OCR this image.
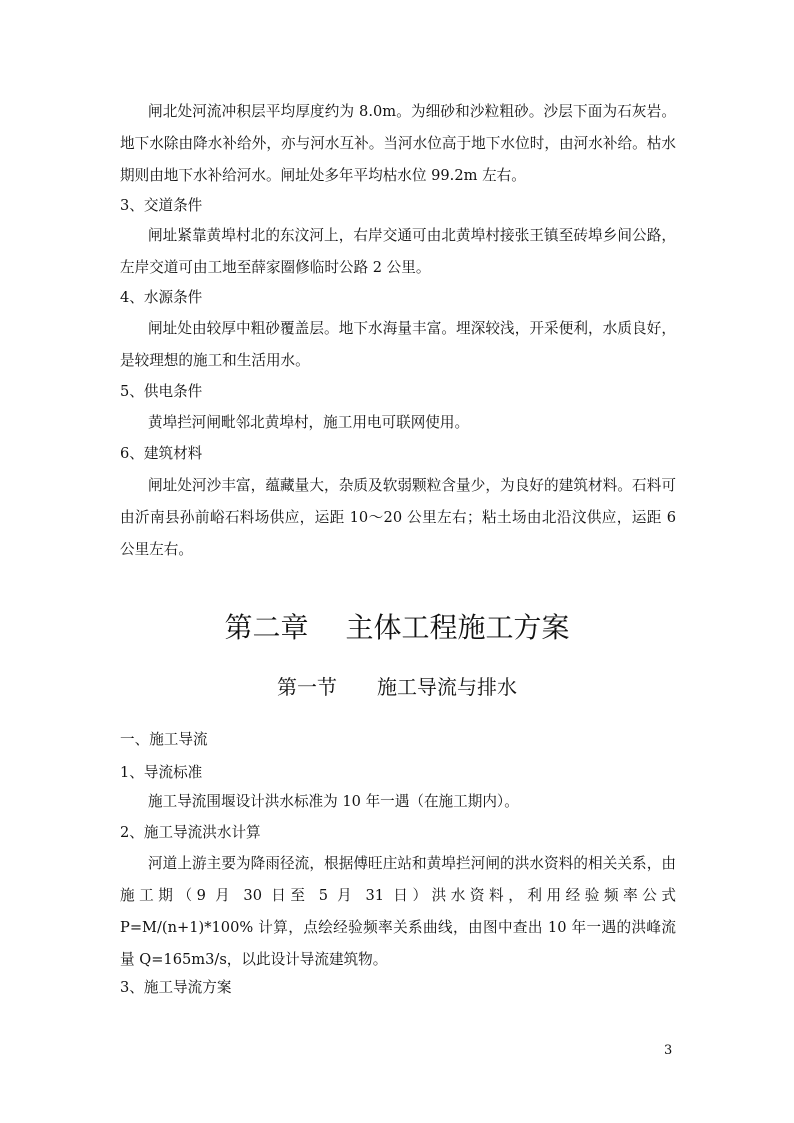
闸北处河流冲积层平均厚度约为 8.0m。为细砂和沙粒粗砂。沙层下面为石灰岩。地下水除由降水补给外，亦与河水互补。当河水位高于地下水位时，由河水补给。枯水期则由地下水补给河水。闸址处多年平均枯水位 99.2m 左右。

3、交道条件

闸址紧靠黄埠村北的东汶河上，右岸交通可由北黄埠村接张王镇至砖埠乡间公路，左岸交道可由工地至薛家圈修临时公路 2 公里。

4、水源条件

闸址处由较厚中粗砂覆盖层。地下水海量丰富。埋深较浅，开采便利，水质良好，是较理想的施工和生活用水。

5、供电条件

黄埠拦河闸毗邻北黄埠村，施工用电可联网使用。

6、建筑材料

闸址处河沙丰富，蕴藏量大，杂质及软弱颗粒含量少，为良好的建筑材料。石料可由沂南县孙前峪石料场供应，运距 10～20 公里左右；粘土场由北沿汶供应，运距 6 公里左右。

第二章　 主体工程施工方案
第一节　　施工导流与排水

一、施工导流

1、导流标准

施工导流围堰设计洪水标准为 10 年一遇（在施工期内）。

2、施工导流洪水计算

河道上游主要为降雨径流，根据傅旺庄站和黄埠拦河闸的洪水资料的相关关系，由施工期（9 月 30 日至 5 月 31 日）洪水资料，利用经验频率公式 P=M/(n+1)*100% 计算，点绘经验频率关系曲线，由图中查出 10 年一遇的洪峰流量 Q=165m3/s，以此设计导流建筑物。

3、施工导流方案

3
